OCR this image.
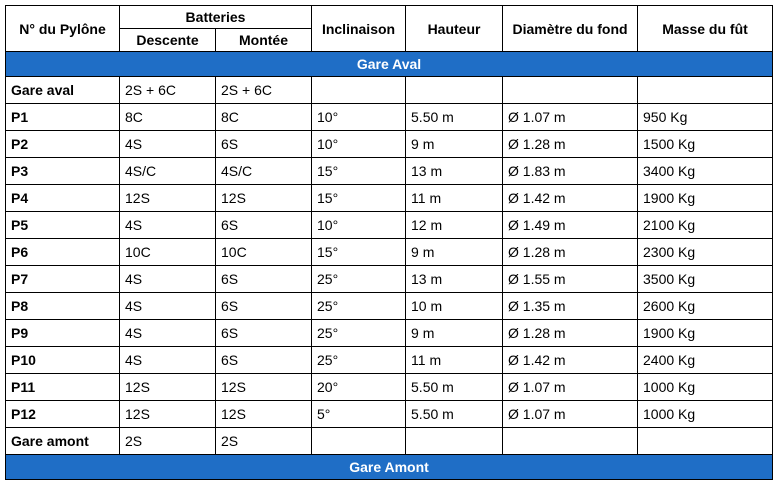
N° du Pylône	Batteries		Inclinaison	Hauteur	Diamètre du fond	Masse du fût
	Descente	Montée				
Gare Aval						
Gare aval	2S + 6C	2S + 6C				
P1	8C	8C	10°	5.50 m	Ø 1.07 m	950 Kg
P2	4S	6S	10°	9 m	Ø 1.28 m	1500 Kg
P3	4S/C	4S/C	15°	13 m	Ø 1.83 m	3400 Kg
P4	12S	12S	15°	11 m	Ø 1.42 m	1900 Kg
P5	4S	6S	10°	12 m	Ø 1.49 m	2100 Kg
P6	10C	10C	15°	9 m	Ø 1.28 m	2300 Kg
P7	4S	6S	25°	13 m	Ø 1.55 m	3500 Kg
P8	4S	6S	25°	10 m	Ø 1.35 m	2600 Kg
P9	4S	6S	25°	9 m	Ø 1.28 m	1900 Kg
P10	4S	6S	25°	11 m	Ø 1.42 m	2400 Kg
P11	12S	12S	20°	5.50 m	Ø 1.07 m	1000 Kg
P12	12S	12S	5°	5.50 m	Ø 1.07 m	1000 Kg
Gare amont	2S	2S				
Gare Amont						
